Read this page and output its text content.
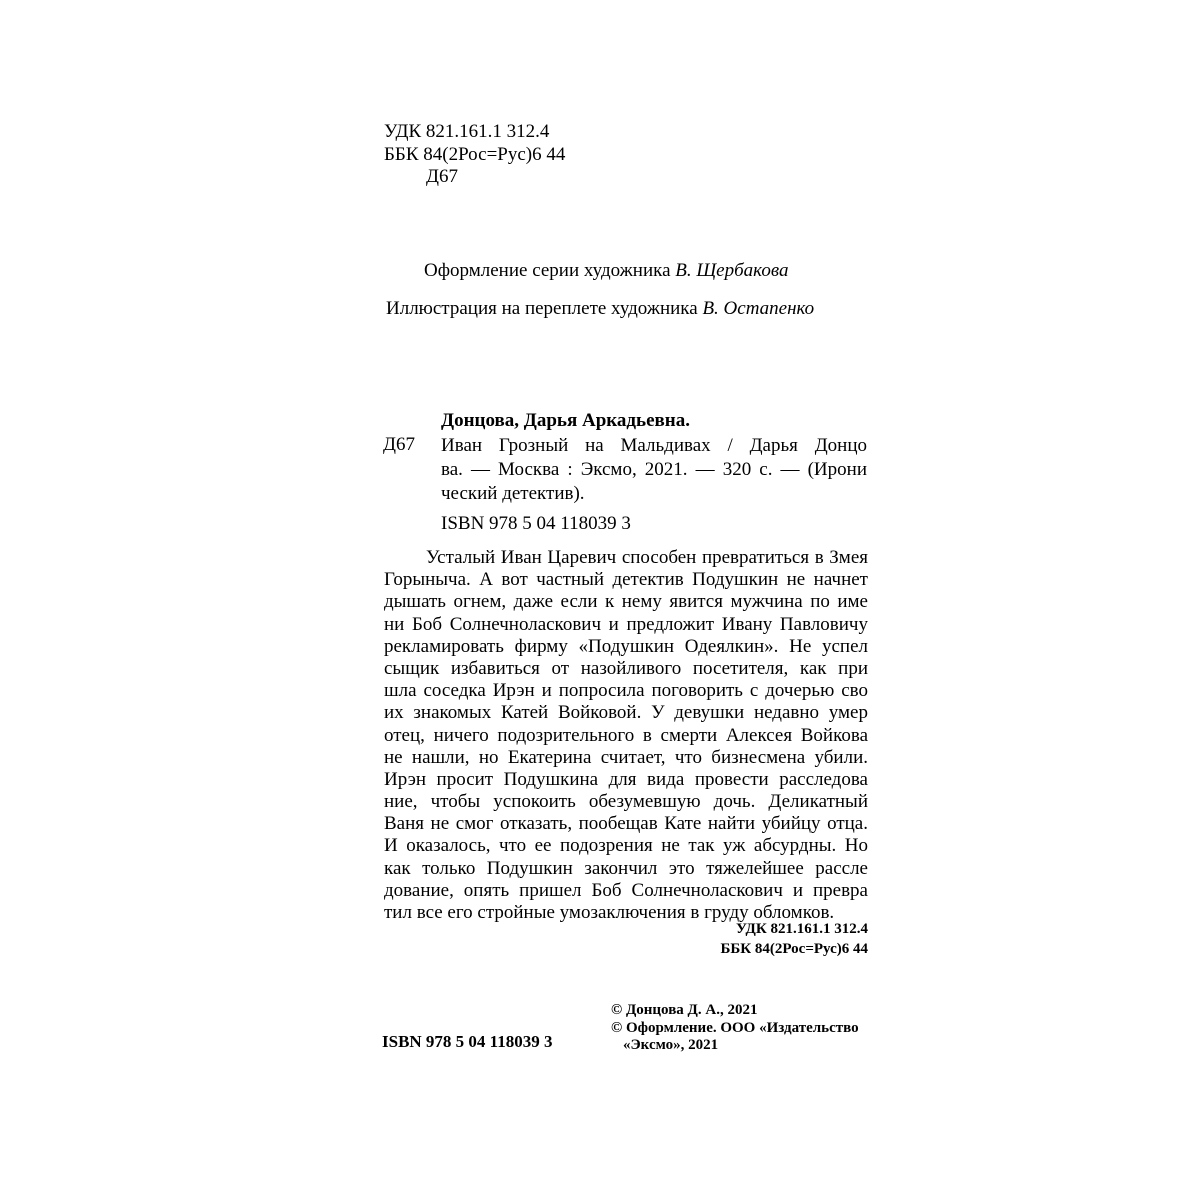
УДК 821.161.1 312.4
ББК 84(2Рос=Рус)6 44
Д67
Оформление серии художника В. Щербакова
Иллюстрация на переплете художника В. Остапенко
Донцова, Дарья Аркадьевна.
Д67 Иван Грозный на Мальдивах / Дарья Донцо
ва. — Москва : Эксмо, 2021. — 320 с. — (Ирони
ческий детектив).
ISBN 978 5 04 118039 3
Усталый Иван Царевич способен превратиться в Змея
Горыныча. А вот частный детектив Подушкин не начнет
дышать огнем, даже если к нему явится мужчина по име
ни Боб Солнечноласкович и предложит Ивану Павловичу
рекламировать фирму «Подушкин Одеялкин». Не успел
сыщик избавиться от назойливого посетителя, как при
шла соседка Ирэн и попросила поговорить с дочерью сво
их знакомых Катей Войковой. У девушки недавно умер
отец, ничего подозрительного в смерти Алексея Войкова
не нашли, но Екатерина считает, что бизнесмена убили.
Ирэн просит Подушкина для вида провести расследова
ние, чтобы успокоить обезумевшую дочь. Деликатный
Ваня не смог отказать, пообещав Кате найти убийцу отца.
И оказалось, что ее подозрения не так уж абсурдны. Но
как только Подушкин закончил это тяжелейшее рассле
дование, опять пришел Боб Солнечноласкович и превра
тил все его стройные умозаключения в груду обломков.
УДК 821.161.1 312.4
ББК 84(2Рос=Рус)6 44
© Донцова Д. А., 2021
© Оформление. ООО «Издательство
«Эксмо», 2021
ISBN 978 5 04 118039 3
